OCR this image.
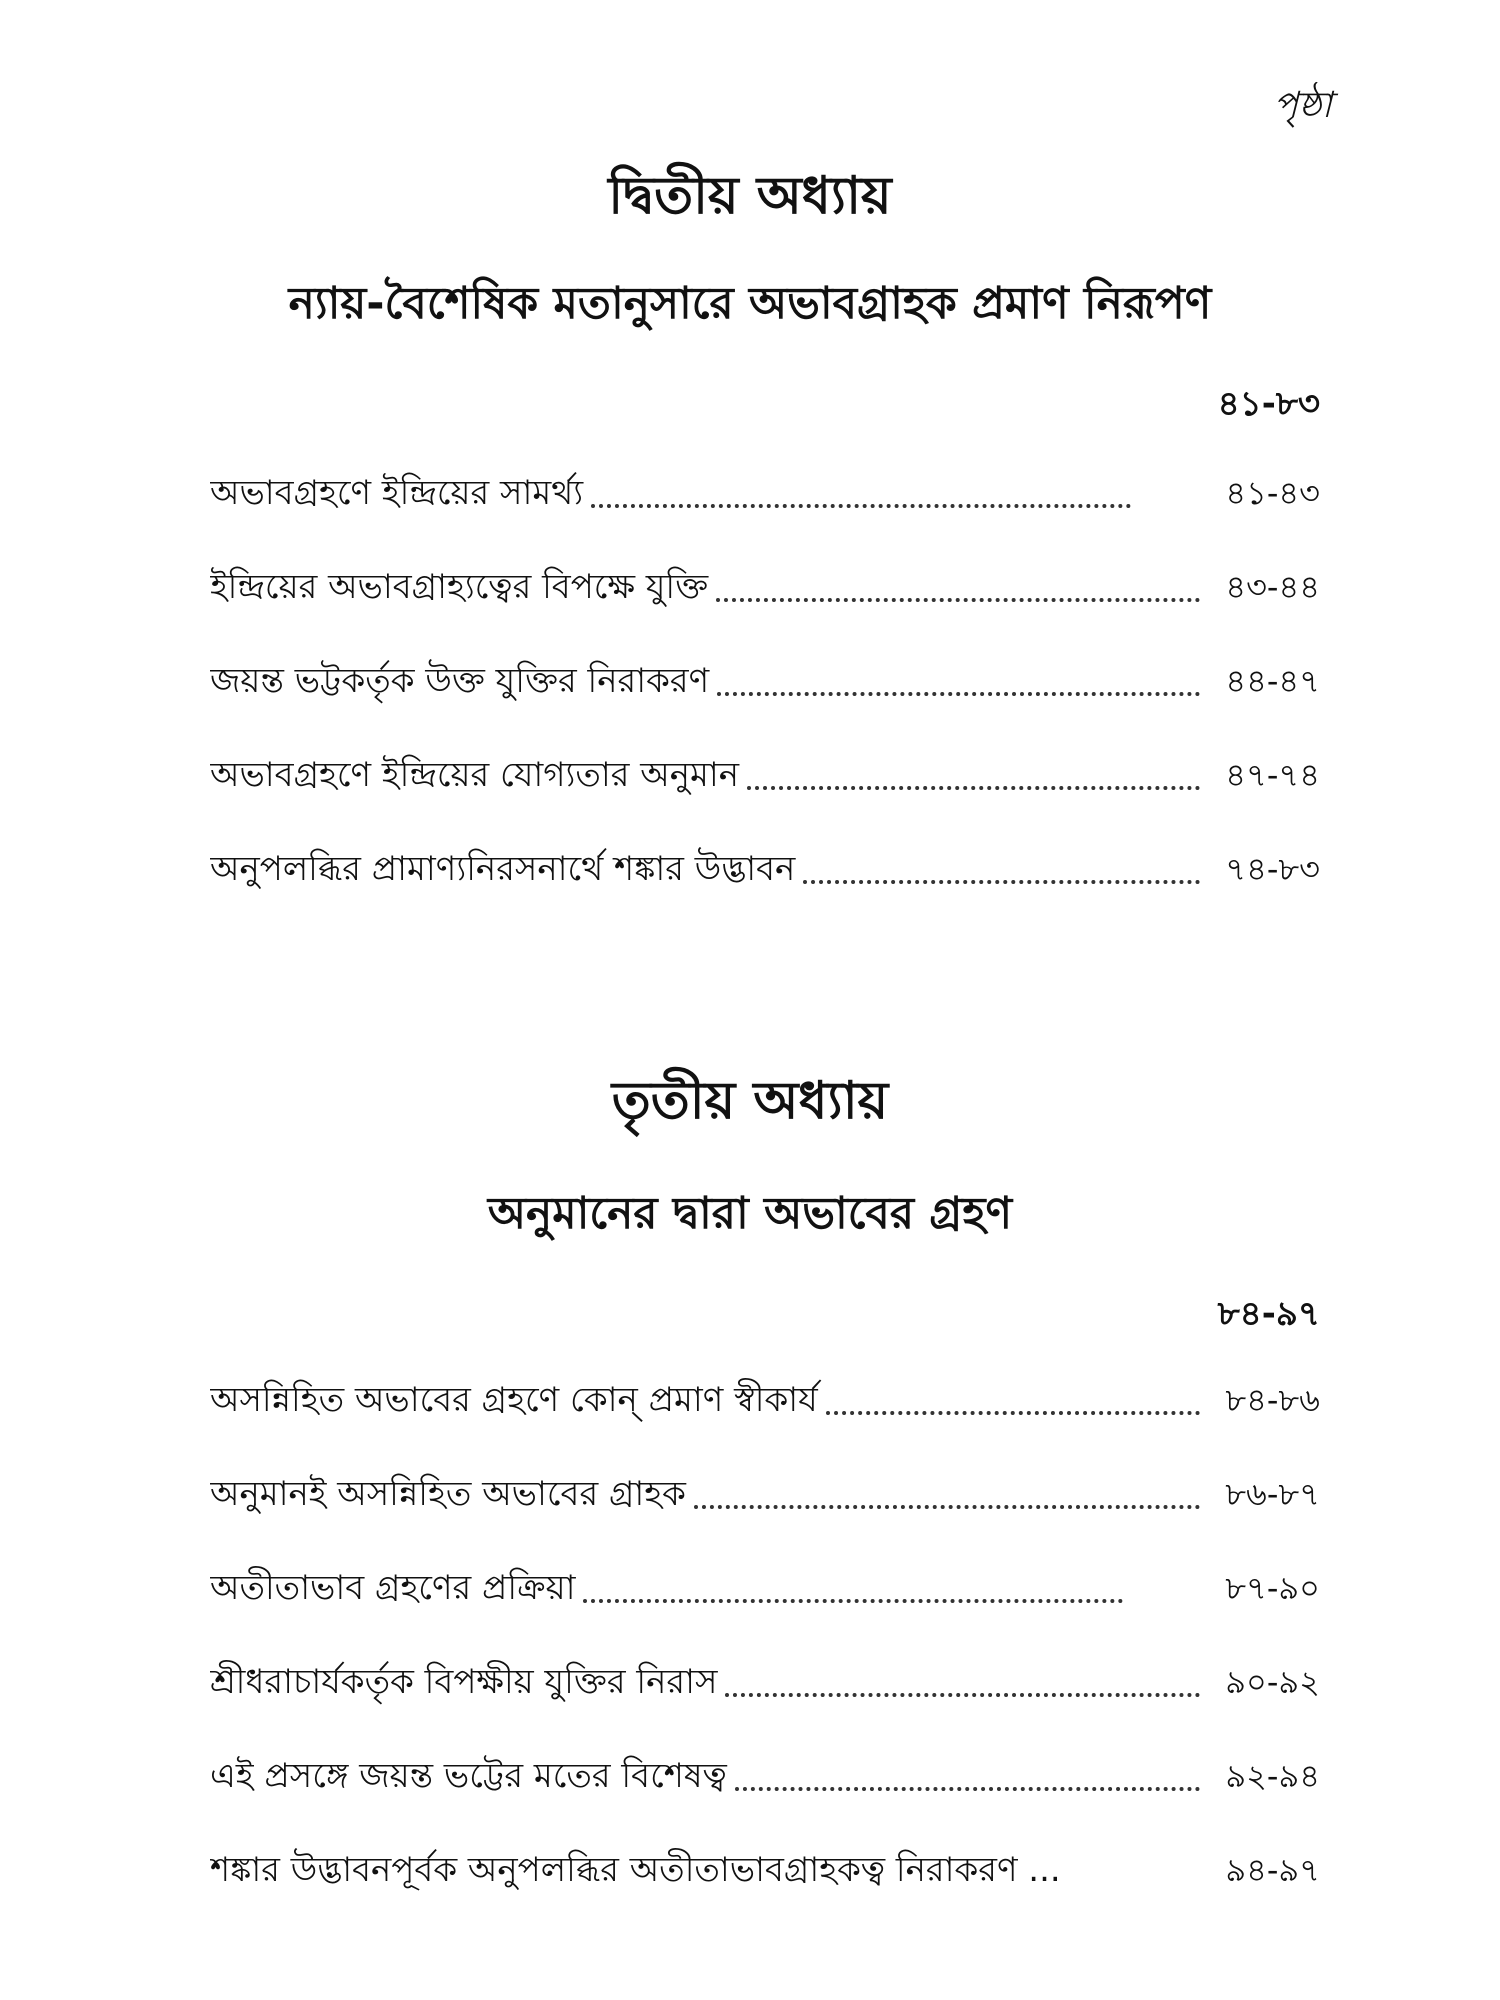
পৃষ্ঠা
দ্বিতীয় অধ্যায়
ন্যায়-বৈশেষিক মতানুসারে অভাবগ্রাহক প্রমাণ নিরূপণ
৪১-৮৩
অভাবগ্রহণে ইন্দ্রিয়ের সামর্থ্য	৪১-৪৩
ইন্দ্রিয়ের অভাবগ্রাহ্যত্বের বিপক্ষে যুক্তি	৪৩-৪৪
জয়ন্ত ভট্টকর্তৃক উক্ত যুক্তির নিরাকরণ	৪৪-৪৭
অভাবগ্রহণে ইন্দ্রিয়ের যোগ্যতার অনুমান	৪৭-৭৪
অনুপলব্ধির প্রামাণ্যনিরসনার্থে শঙ্কার উদ্ভাবন	৭৪-৮৩
তৃতীয় অধ্যায়
অনুমানের দ্বারা অভাবের গ্রহণ
৮৪-৯৭
অসন্নিহিত অভাবের গ্রহণে কোন্ প্রমাণ স্বীকার্য	৮৪-৮৬
অনুমানই অসন্নিহিত অভাবের গ্রাহক	৮৬-৮৭
অতীতাভাব গ্রহণের প্রক্রিয়া	৮৭-৯০
শ্রীধরাচার্যকর্তৃক বিপক্ষীয় যুক্তির নিরাস	৯০-৯২
এই প্রসঙ্গে জয়ন্ত ভট্টের মতের বিশেষত্ব	৯২-৯৪
শঙ্কার উদ্ভাবনপূর্বক অনুপলব্ধির অতীতাভাবগ্রাহকত্ব নিরাকরণ ...	৯৪-৯৭
